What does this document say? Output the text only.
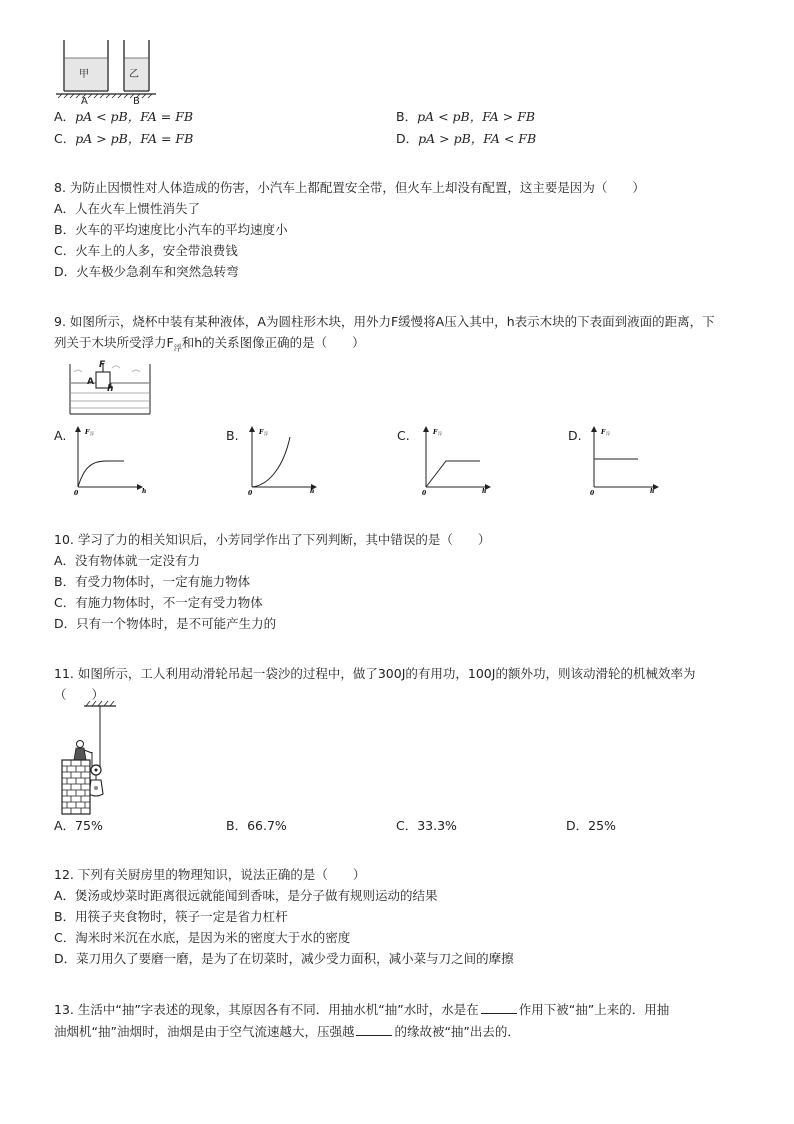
甲	乙
A	B
A．pA < pB，FA = FB	B．pA < pB，FA > FB
C．pA > pB，FA = FB	D．pA > pB，FA < FB
8. 为防止因惯性对人体造成的伤害，小汽车上都配置安全带，但火车上却没有配置，这主要是因为（　　）
A．人在火车上惯性消失了
B．火车的平均速度比小汽车的平均速度小
C．火车上的人多，安全带浪费钱
D．火车极少急刹车和突然急转弯
9. 如图所示，烧杯中装有某种液体，A为圆柱形木块，用外力F缓慢将A压入其中，h表示木块的下表面到液面的距离，下
列关于木块所受浮力$F_浮$和h的关系图像正确的是（　　）
F
A
h
A.	B.	C.	D.
F 浮
h
0
F 浮
h
0
F 浮
h
0
F 浮
h
0
10. 学习了力的相关知识后，小芳同学作出了下列判断，其中错误的是（　　）
A．没有物体就一定没有力
B．有受力物体时，一定有施力物体
C．有施力物体时，不一定有受力物体
D．只有一个物体时，是不可能产生力的
11. 如图所示，工人利用动滑轮吊起一袋沙的过程中，做了300J的有用功，100J的额外功，则该动滑轮的机械效率为
（　　）
A．75%	B．66.7%	C．33.3%	D．25%
12. 下列有关厨房里的物理知识，说法正确的是（　　）
A．煲汤或炒菜时距离很远就能闻到香味，是分子做有规则运动的结果
B．用筷子夹食物时，筷子一定是省力杠杆
C．淘米时米沉在水底，是因为米的密度大于水的密度
D．菜刀用久了要磨一磨，是为了在切菜时，减少受力面积，减小菜与刀之间的摩擦
13. 生活中“抽”字表述的现象，其原因各有不同．用抽水机“抽”水时，水是在	作用下被“抽”上来的．用抽
油烟机“抽”油烟时，油烟是由于空气流速越大，压强越	的缘故被“抽”出去的．
